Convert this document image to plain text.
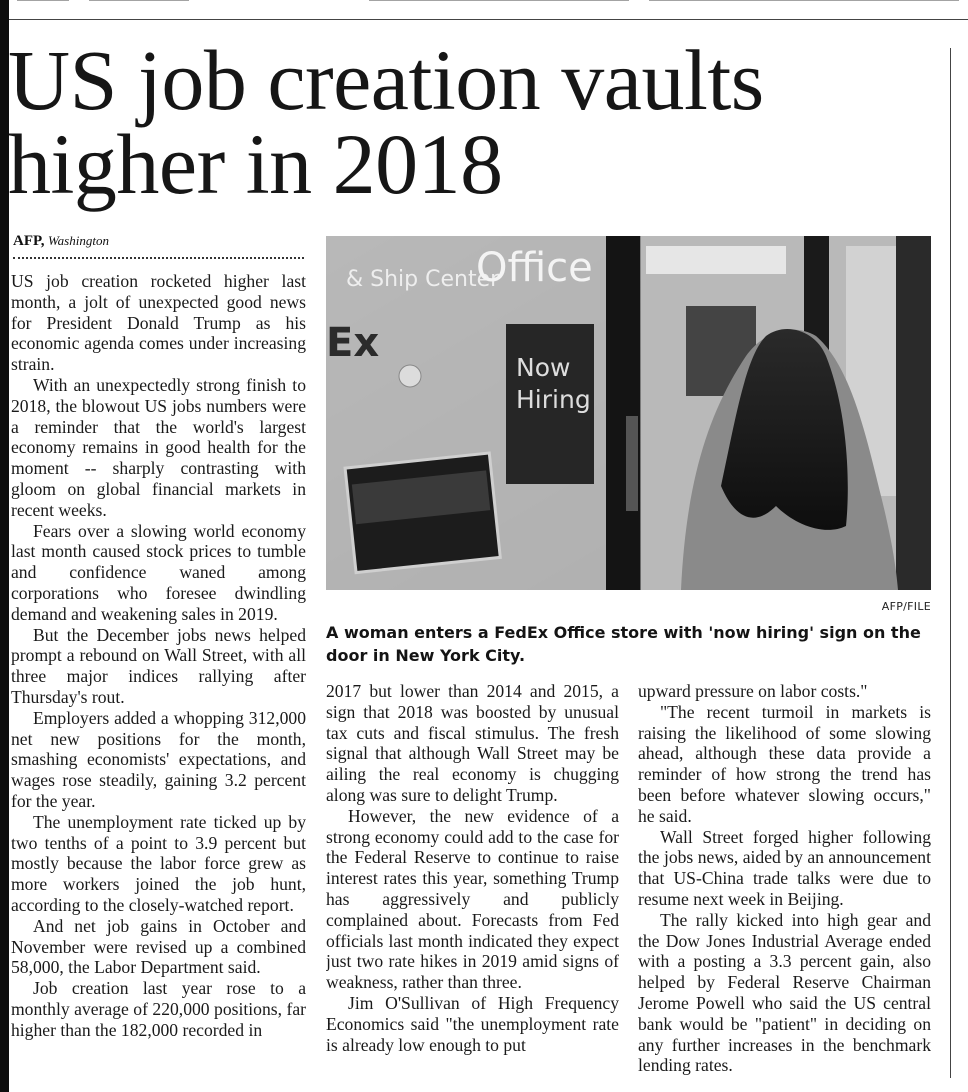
US job creation vaults higher in 2018
AFP, Washington

US job creation rocketed higher last month, a jolt of unexpected good news for President Donald Trump as his economic agenda comes under increasing strain.

With an unexpectedly strong finish to 2018, the blowout US jobs numbers were a reminder that the world's largest economy remains in good health for the moment -- sharply contrasting with gloom on global financial markets in recent weeks.

Fears over a slowing world economy last month caused stock prices to tumble and confidence waned among corporations who foresee dwindling demand and weakening sales in 2019.

But the December jobs news helped prompt a rebound on Wall Street, with all three major indices rallying after Thursday's rout.

Employers added a whopping 312,000 net new positions for the month, smashing economists' expectations, and wages rose steadily, gaining 3.2 percent for the year.

The unemployment rate ticked up by two tenths of a point to 3.9 percent but mostly because the labor force grew as more workers joined the job hunt, according to the closely-watched report.

And net job gains in October and November were revised up a combined 58,000, the Labor Department said.

Job creation last year rose to a monthly average of 220,000 positions, far higher than the 182,000 recorded in

& Ship Center
Office
Ex
Now
Hiring
AFP/FILE

A woman enters a FedEx Office store with 'now hiring' sign on the door in New York City.

2017 but lower than 2014 and 2015, a sign that 2018 was boosted by unusual tax cuts and fiscal stimulus. The fresh signal that although Wall Street may be ailing the real economy is chugging along was sure to delight Trump.

However, the new evidence of a strong economy could add to the case for the Federal Reserve to continue to raise interest rates this year, something Trump has aggressively and publicly complained about. Forecasts from Fed officials last month indicated they expect just two rate hikes in 2019 amid signs of weakness, rather than three.

Jim O'Sullivan of High Frequency Economics said "the unemployment rate is already low enough to put

upward pressure on labor costs."

"The recent turmoil in markets is raising the likelihood of some slowing ahead, although these data provide a reminder of how strong the trend has been before whatever slowing occurs," he said.

Wall Street forged higher following the jobs news, aided by an announcement that US-China trade talks were due to resume next week in Beijing.

The rally kicked into high gear and the Dow Jones Industrial Average ended with a posting a 3.3 percent gain, also helped by Federal Reserve Chairman Jerome Powell who said the US central bank would be "patient" in deciding on any further increases in the benchmark lending rates.
